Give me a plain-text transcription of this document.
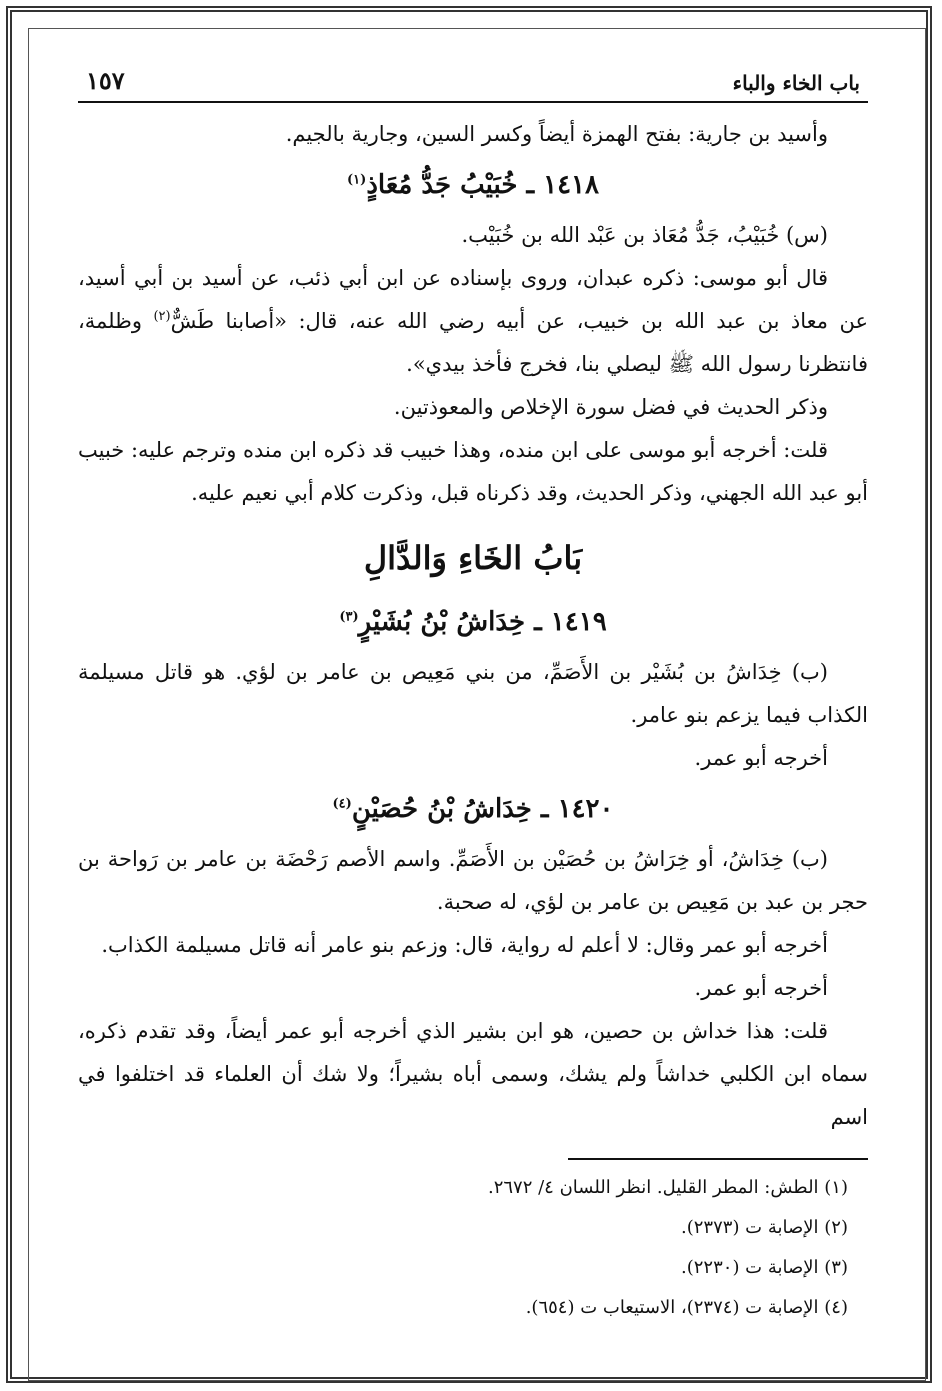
باب الخاء والباء
١٥٧

وأسيد بن جارية: بفتح الهمزة أيضاً وكسر السين، وجارية بالجيم.

١٤١٨ ـ خُبَيْبُ جَدُّ مُعَاذٍ$^{(١)}$

(س) خُبَيْبُ، جَدُّ مُعَاذ بن عَبْد الله بن خُبَيْب.

قال أبو موسى: ذكره عبدان، وروى بإسناده عن ابن أبي ذئب، عن أسيد بن أبي أسيد، عن معاذ بن عبد الله بن خبيب، عن أبيه رضي الله عنه، قال: «أصابنا طَشٌّ$^{(٢)}$ وظلمة، فانتظرنا رسول الله ﷺ ليصلي بنا، فخرج فأخذ بيدي».

وذكر الحديث في فضل سورة الإخلاص والمعوذتين.

قلت: أخرجه أبو موسى على ابن منده، وهذا خبيب قد ذكره ابن منده وترجم عليه: خبيب أبو عبد الله الجهني، وذكر الحديث، وقد ذكرناه قبل، وذكرت كلام أبي نعيم عليه.

بَابُ الخَاءِ وَالدَّالِ

١٤١٩ ـ خِدَاشُ بْنُ بُشَيْرٍ$^{(٣)}$

(ب) خِدَاشُ بن بُشَيْر بن الأَصَمِّ، من بني مَعِيص بن عامر بن لؤي. هو قاتل مسيلمة الكذاب فيما يزعم بنو عامر.

أخرجه أبو عمر.

١٤٢٠ ـ خِدَاشُ بْنُ حُصَيْنٍ$^{(٤)}$

(ب) خِدَاشُ، أو خِرَاشُ بن حُصَيْن بن الأَصَمِّ. واسم الأصم رَحْضَة بن عامر بن رَواحة بن حجر بن عبد بن مَعِيص بن عامر بن لؤي، له صحبة.

أخرجه أبو عمر وقال: لا أعلم له رواية، قال: وزعم بنو عامر أنه قاتل مسيلمة الكذاب.

أخرجه أبو عمر.

قلت: هذا خداش بن حصين، هو ابن بشير الذي أخرجه أبو عمر أيضاً، وقد تقدم ذكره، سماه ابن الكلبي خداشاً ولم يشك، وسمى أباه بشيراً؛ ولا شك أن العلماء قد اختلفوا في اسم

(١) الطش: المطر القليل. انظر اللسان ٤/ ٢٦٧٢.

(٢) الإصابة ت (٢٣٧٣).

(٣) الإصابة ت (٢٢٣٠).

(٤) الإصابة ت (٢٣٧٤)، الاستيعاب ت (٦٥٤).
